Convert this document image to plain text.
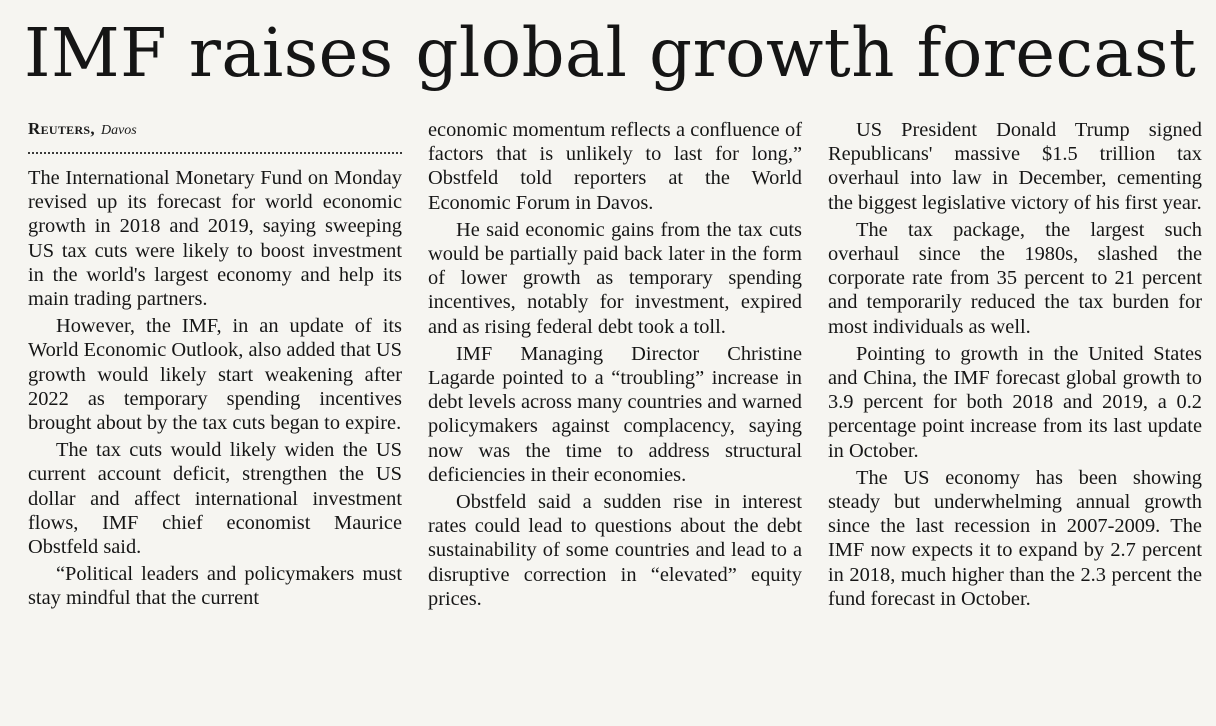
IMF raises global growth forecast
Reuters, Davos

The International Monetary Fund on Monday revised up its forecast for world economic growth in 2018 and 2019, saying sweeping US tax cuts were likely to boost investment in the world's largest economy and help its main trading partners.

However, the IMF, in an update of its World Economic Outlook, also added that US growth would likely start weakening after 2022 as temporary spending incentives brought about by the tax cuts began to expire.

The tax cuts would likely widen the US current account deficit, strengthen the US dollar and affect international investment flows, IMF chief economist Maurice Obstfeld said.

“Political leaders and policymakers must stay mindful that the current

economic momentum reflects a confluence of factors that is unlikely to last for long,” Obstfeld told reporters at the World Economic Forum in Davos.

He said economic gains from the tax cuts would be partially paid back later in the form of lower growth as temporary spending incentives, notably for investment, expired and as rising federal debt took a toll.

IMF Managing Director Christine Lagarde pointed to a “troubling” increase in debt levels across many countries and warned policymakers against complacency, saying now was the time to address structural deficiencies in their economies.

Obstfeld said a sudden rise in interest rates could lead to questions about the debt sustainability of some countries and lead to a disruptive correction in “elevated” equity prices.

US President Donald Trump signed Republicans' massive $1.5 trillion tax overhaul into law in December, cementing the biggest legislative victory of his first year.

The tax package, the largest such overhaul since the 1980s, slashed the corporate rate from 35 percent to 21 percent and temporarily reduced the tax burden for most individuals as well.

Pointing to growth in the United States and China, the IMF forecast global growth to 3.9 percent for both 2018 and 2019, a 0.2 percentage point increase from its last update in October.

The US economy has been showing steady but underwhelming annual growth since the last recession in 2007-2009. The IMF now expects it to expand by 2.7 percent in 2018, much higher than the 2.3 percent the fund forecast in October.
